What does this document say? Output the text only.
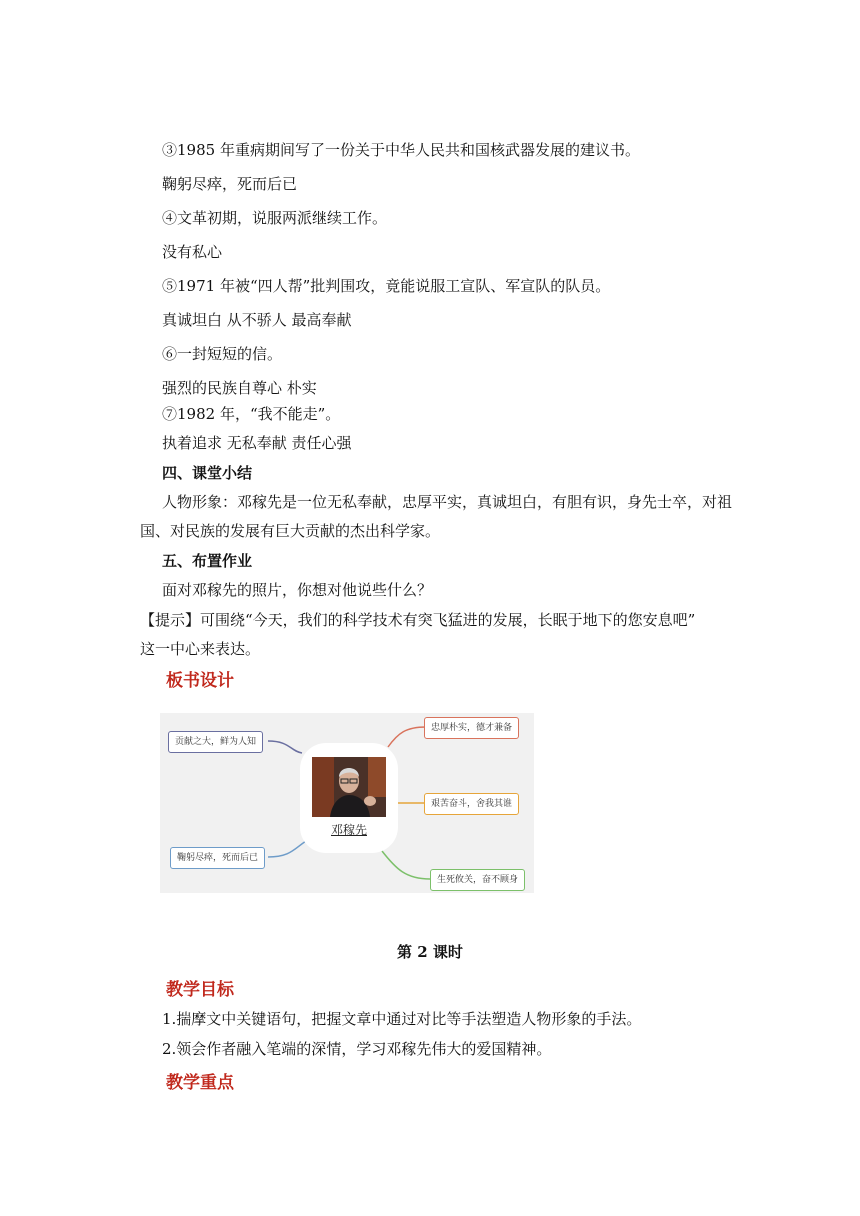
③1985 年重病期间写了一份关于中华人民共和国核武器发展的建议书。
鞠躬尽瘁，死而后已
④文革初期，说服两派继续工作。
没有私心
⑤1971 年被“四人帮”批判围攻，竟能说服工宣队、军宣队的队员。
真诚坦白 从不骄人 最高奉献
⑥一封短短的信。
强烈的民族自尊心 朴实
⑦1982 年，“我不能走”。
执着追求 无私奉献 责任心强
四、课堂小结
人物形象：邓稼先是一位无私奉献，忠厚平实，真诚坦白，有胆有识，身先士卒，对祖
国、对民族的发展有巨大贡献的杰出科学家。
五、布置作业
面对邓稼先的照片，你想对他说些什么？
【提示】可围绕“今天，我们的科学技术有突飞猛进的发展，长眠于地下的您安息吧”
这一中心来表达。
板书设计
邓稼先
贡献之大，鲜为人知
鞠躬尽瘁，死而后已
忠厚朴实，德才兼备
艰苦奋斗，舍我其谁
生死攸关，奋不顾身
第 2 课时
教学目标
1.揣摩文中关键语句，把握文章中通过对比等手法塑造人物形象的手法。
2.领会作者融入笔端的深情，学习邓稼先伟大的爱国精神。
教学重点
